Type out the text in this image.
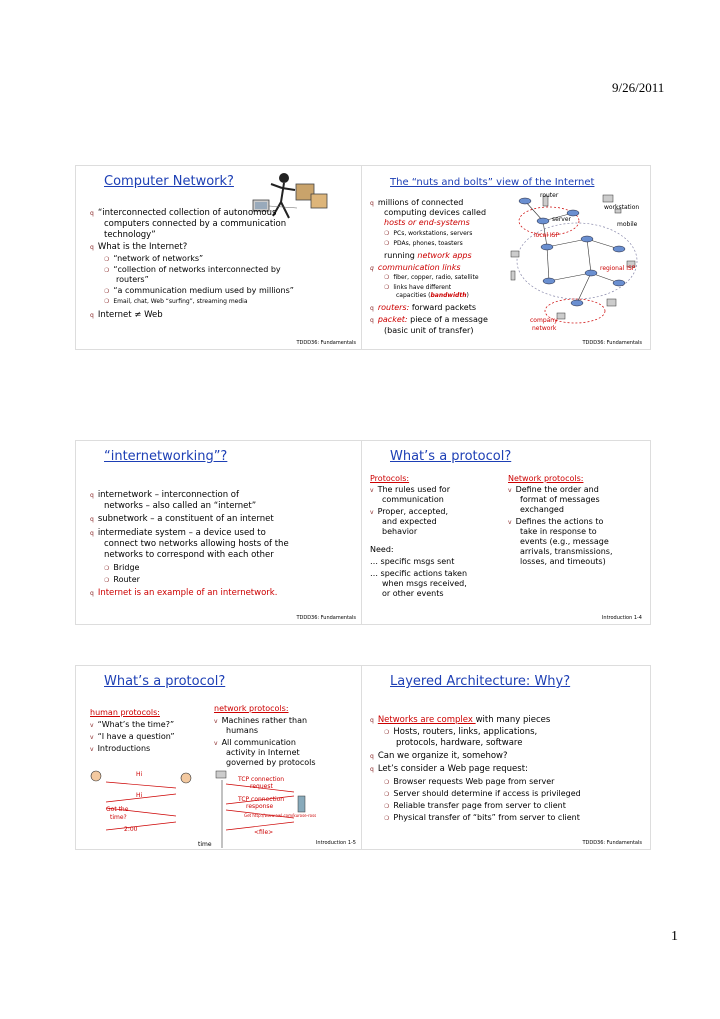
9/26/2011
Computer Network?
q “interconnected collection of autonomous
computers connected by a communication
technology”
q What is the Internet?
❍ “network of networks”
❍ “collection of networks interconnected by
routers”
❍ “a communication medium used by millions”
❍ Email, chat, Web “surfing”, streaming media
q Internet ≠ Web
TDDD36: Fundamentals
The “nuts and bolts” view of the Internet
q millions of connected
computing devices called
hosts or end-systems
❍ PCs, workstations, servers
❍ PDAs, phones, toasters
running network apps
q communication links
❍ fiber, copper, radio, satellite
❍ links have different
capacities (bandwidth)
q routers: forward packets
q packet: piece of a message
(basic unit of transfer)
router
workstation
server
mobile
local ISP
regional ISP
company
network
TDDD36: Fundamentals
“internetworking”?
q internetwork – interconnection of
networks – also called an “internet”
q subnetwork – a constituent of an internet
q intermediate system – a device used to
connect two networks allowing hosts of the
networks to correspond with each other
❍ Bridge
❍ Router
q Internet is an example of an internetwork.
TDDD36: Fundamentals
What’s a protocol?
Protocols:
v The rules used for
communication
v Proper, accepted,
and expected
behavior
Need:
… specific msgs sent
… specific actions taken
when msgs received,
or other events
Network protocols:
v Define the order and
format of messages
exchanged
v Defines the actions to
take in response to
events (e.g., message
arrivals, transmissions,
losses, and timeouts)
Introduction 1-4
What’s a protocol?
human protocols:
v “What’s the time?”
v “I have a question”
v Introductions
network protocols:
v Machines rather than
humans
v All communication
activity in Internet
governed by protocols
Hi
Hi
Got the
time?
2:00
TCP connection
request
TCP connection
response
Get http://www.awl.com/kurose-ross
<file>
time	Introduction 1-5
Layered Architecture: Why?
q Networks are complex with many pieces
❍ Hosts, routers, links, applications,
protocols, hardware, software
q Can we organize it, somehow?
q Let’s consider a Web page request:
❍ Browser requests Web page from server
❍ Server should determine if access is privileged
❍ Reliable transfer page from server to client
❍ Physical transfer of “bits” from server to client
TDDD36: Fundamentals
1
